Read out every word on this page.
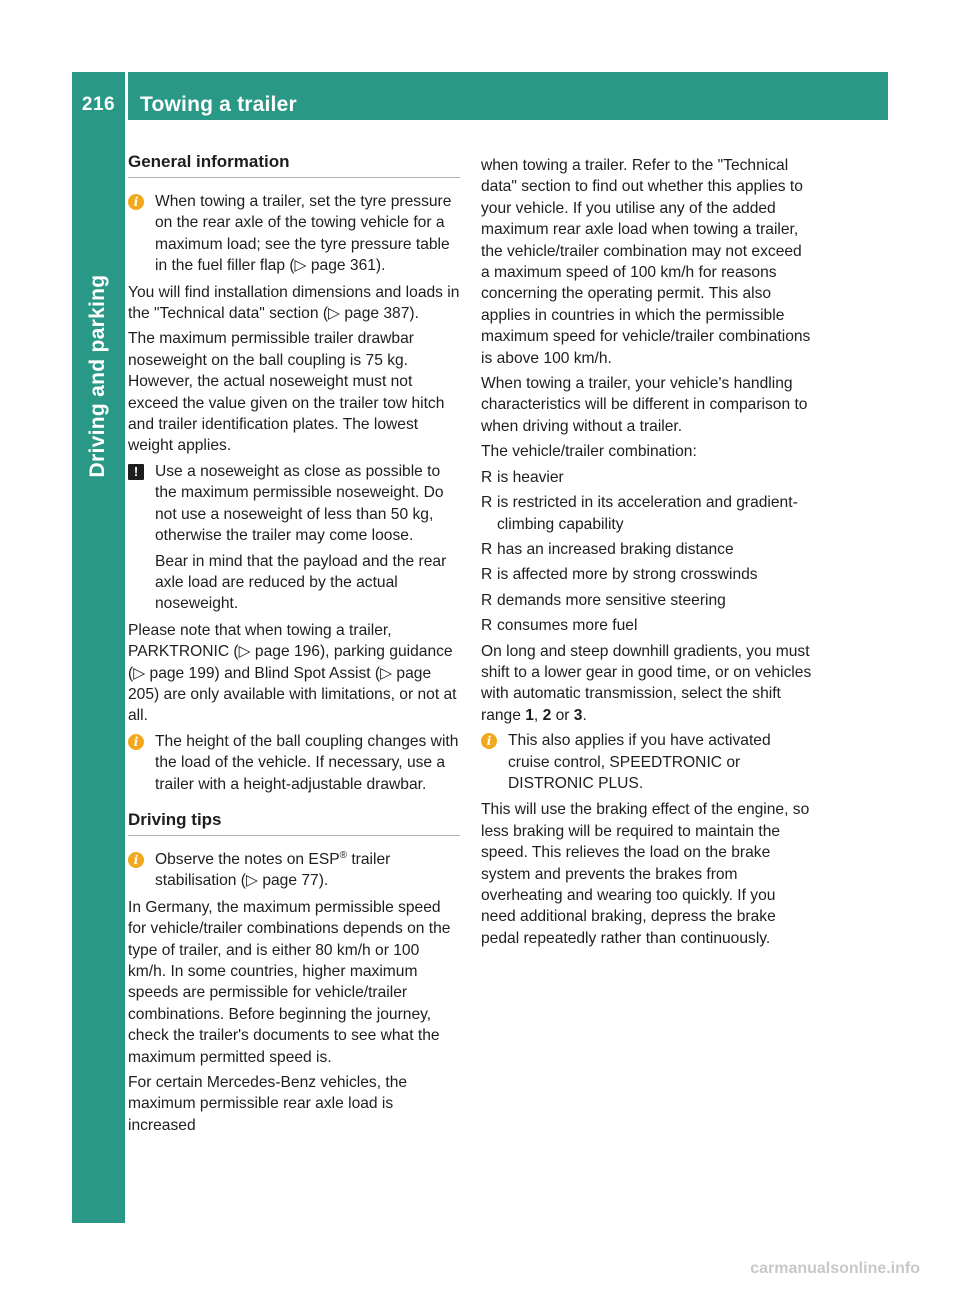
216	Towing a trailer
Driving and parking
General information
i	When towing a trailer, set the tyre pressure on the rear axle of the towing vehicle for a maximum load; see the tyre pressure table in the fuel filler flap (▷ page 361).

You will find installation dimensions and loads in the "Technical data" section (▷ page 387).

The maximum permissible trailer drawbar noseweight on the ball coupling is 75 kg. However, the actual noseweight must not exceed the value given on the trailer tow hitch and trailer identification plates. The lowest weight applies.

!	Use a noseweight as close as possible to the maximum permissible noseweight. Do not use a noseweight of less than 50 kg, otherwise the trailer may come loose.
Bear in mind that the payload and the rear axle load are reduced by the actual noseweight.

Please note that when towing a trailer, PARKTRONIC (▷ page 196), parking guidance (▷ page 199) and Blind Spot Assist (▷ page 205) are only available with limitations, or not at all.

i	The height of the ball coupling changes with the load of the vehicle. If necessary, use a trailer with a height-adjustable drawbar.
Driving tips
i	Observe the notes on ESP® trailer stabilisation (▷ page 77).

In Germany, the maximum permissible speed for vehicle/trailer combinations depends on the type of trailer, and is either 80 km/h or 100 km/h. In some countries, higher maximum speeds are permissible for vehicle/trailer combinations. Before beginning the journey, check the trailer's documents to see what the maximum permitted speed is.

For certain Mercedes-Benz vehicles, the maximum permissible rear axle load is increased

when towing a trailer. Refer to the "Technical data" section to find out whether this applies to your vehicle. If you utilise any of the added maximum rear axle load when towing a trailer, the vehicle/trailer combination may not exceed a maximum speed of 100 km/h for reasons concerning the operating permit. This also applies in countries in which the permissible maximum speed for vehicle/trailer combinations is above 100 km/h.

When towing a trailer, your vehicle's handling characteristics will be different in comparison to when driving without a trailer.

The vehicle/trailer combination:

R is heavier
R is restricted in its acceleration and gradient-climbing capability
R has an increased braking distance
R is affected more by strong crosswinds
R demands more sensitive steering
R consumes more fuel

On long and steep downhill gradients, you must shift to a lower gear in good time, or on vehicles with automatic transmission, select the shift range 1, 2 or 3.

i	This also applies if you have activated cruise control, SPEEDTRONIC or DISTRONIC PLUS.

This will use the braking effect of the engine, so less braking will be required to maintain the speed. This relieves the load on the brake system and prevents the brakes from overheating and wearing too quickly. If you need additional braking, depress the brake pedal repeatedly rather than continuously.

carmanualsonline.info
